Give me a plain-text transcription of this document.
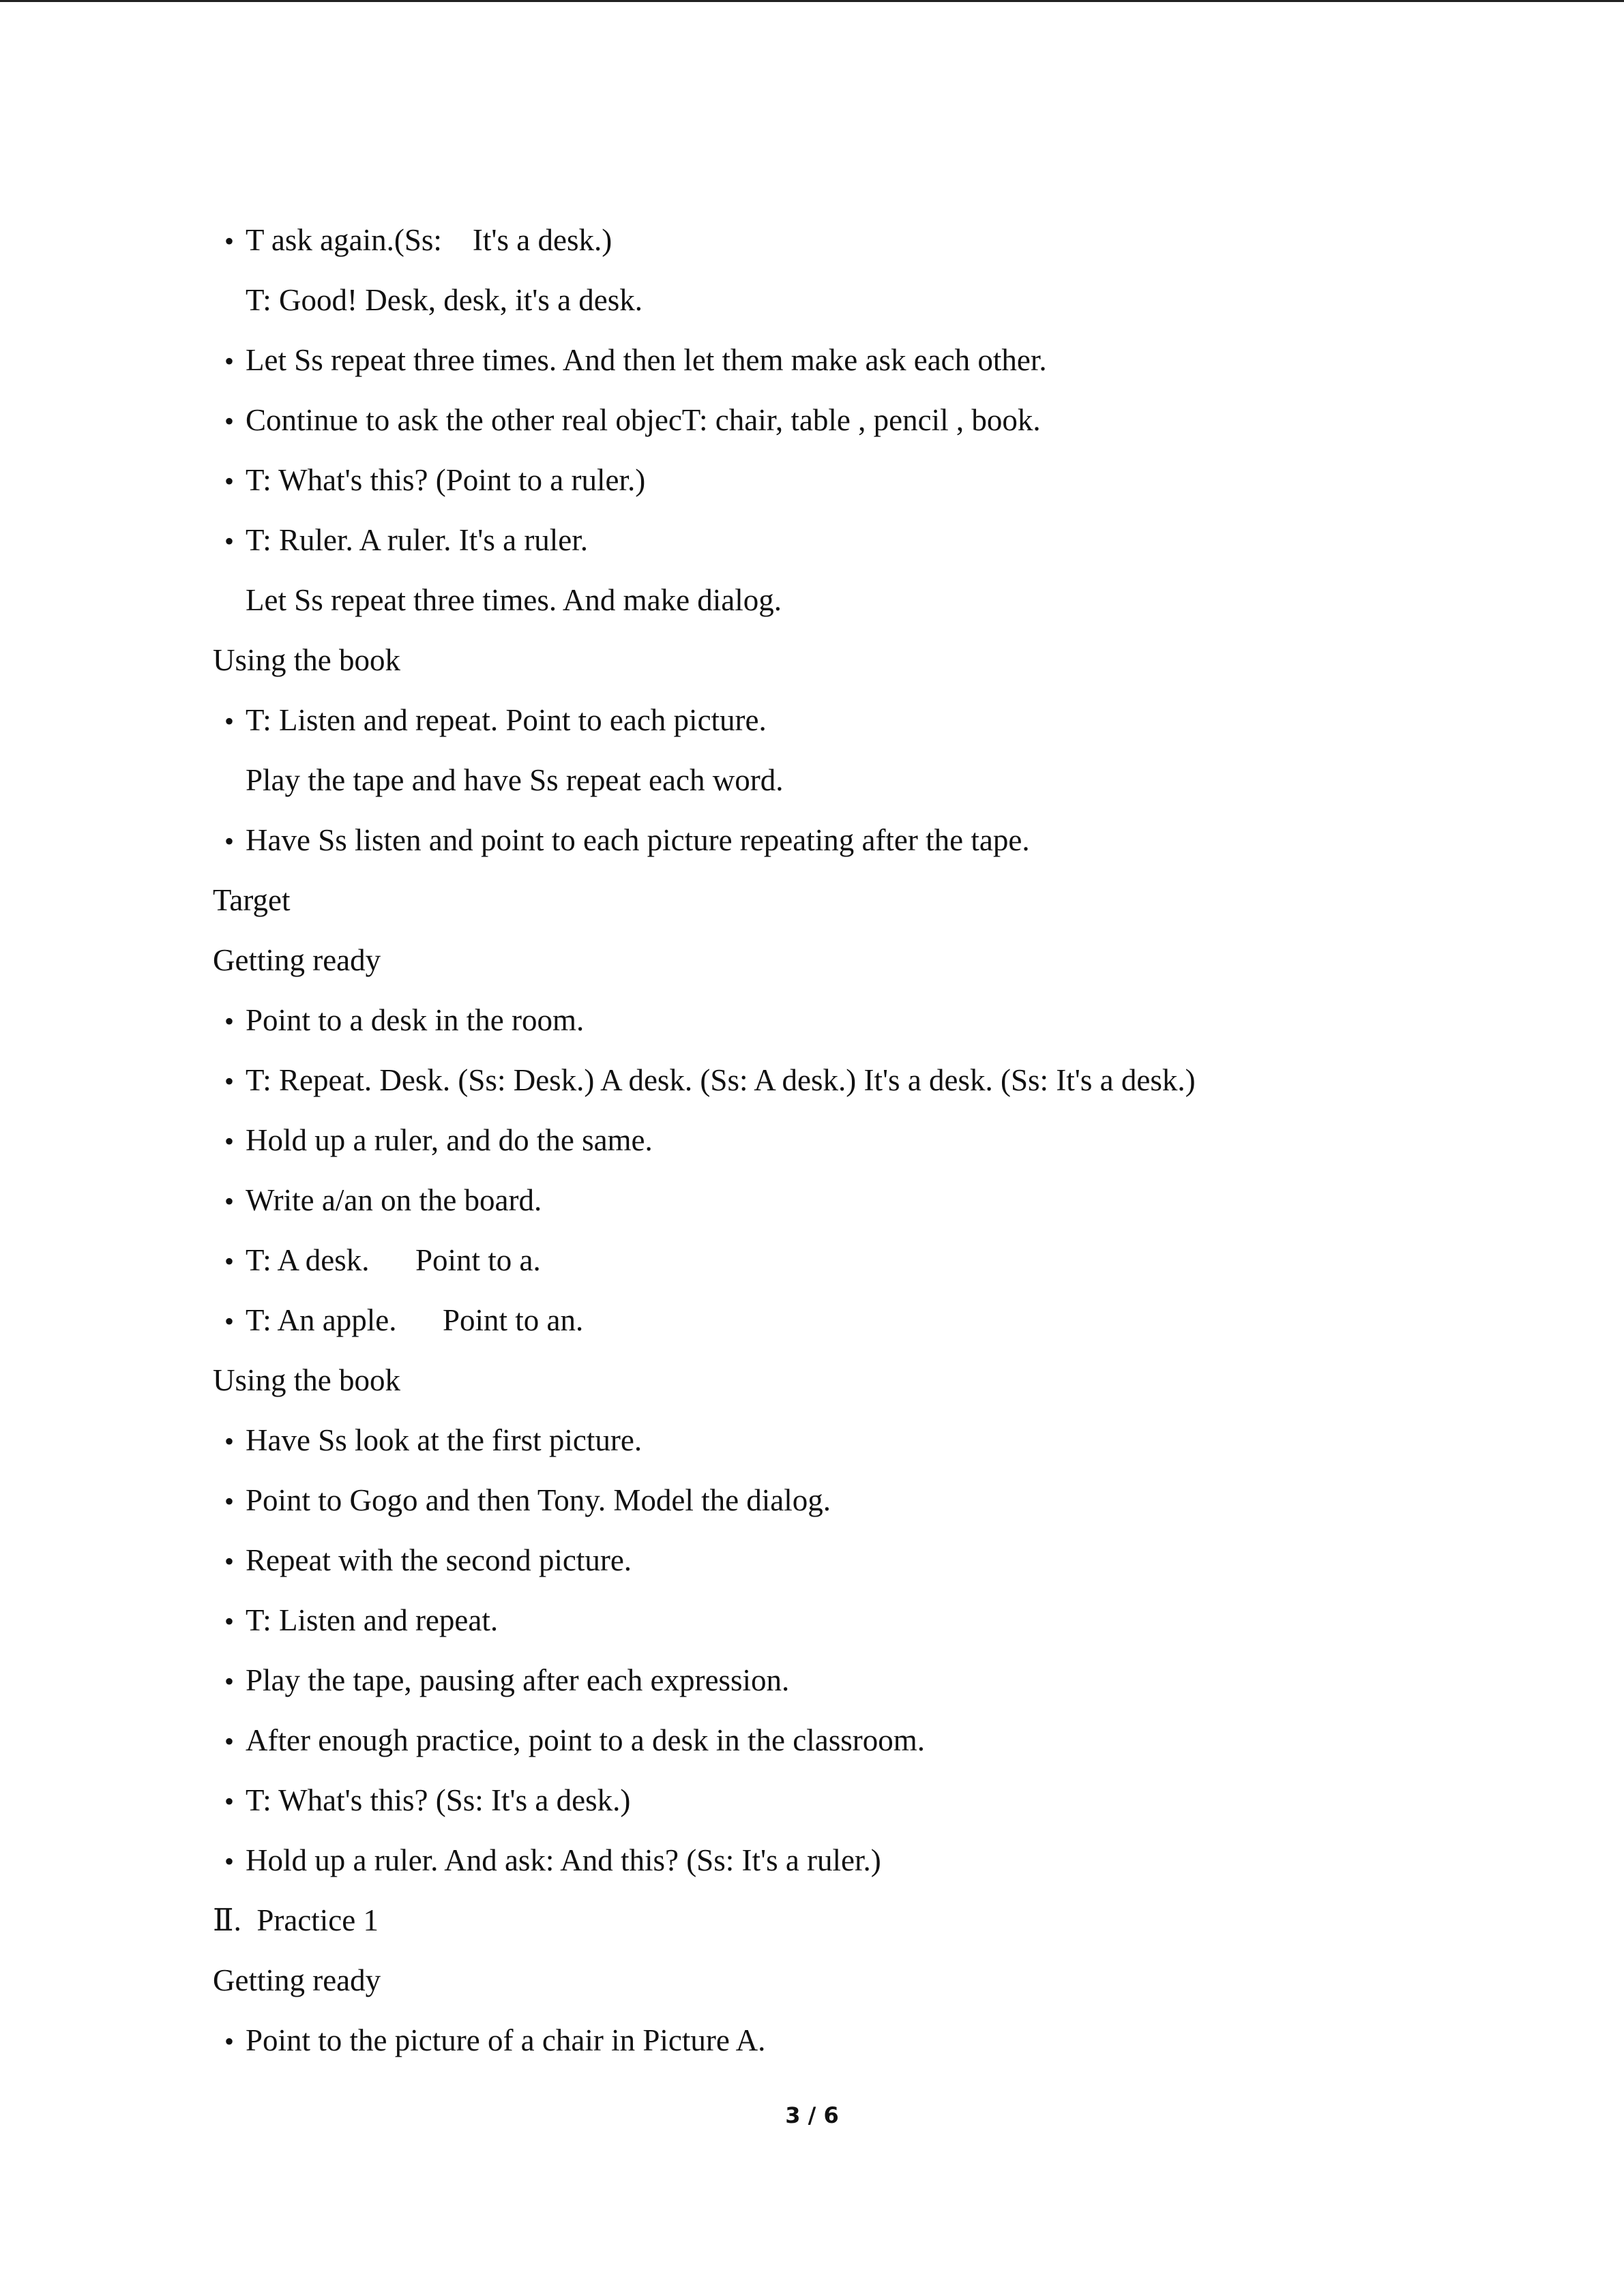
• T ask again.(Ss:    It's a desk.)
T: Good! Desk, desk, it's a desk.
• Let Ss repeat three times. And then let them make ask each other.
• Continue to ask the other real objecT: chair, table , pencil , book.
• T: What's this? (Point to a ruler.)
• T: Ruler. A ruler. It's a ruler.
Let Ss repeat three times. And make dialog.
Using the book
• T: Listen and repeat. Point to each picture.
Play the tape and have Ss repeat each word.
• Have Ss listen and point to each picture repeating after the tape.
Target
Getting ready
• Point to a desk in the room.
• T: Repeat. Desk. (Ss: Desk.) A desk. (Ss: A desk.) It's a desk. (Ss: It's a desk.)
• Hold up a ruler, and do the same.
• Write a/an on the board.
• T: A desk.      Point to a.
• T: An apple.      Point to an.
Using the book
• Have Ss look at the first picture.
• Point to Gogo and then Tony. Model the dialog.
• Repeat with the second picture.
• T: Listen and repeat.
• Play the tape, pausing after each expression.
• After enough practice, point to a desk in the classroom.
• T: What's this? (Ss: It's a desk.)
• Hold up a ruler. And ask: And this? (Ss: It's a ruler.)
Ⅱ.  Practice 1
Getting ready
• Point to the picture of a chair in Picture A.
3 / 6
